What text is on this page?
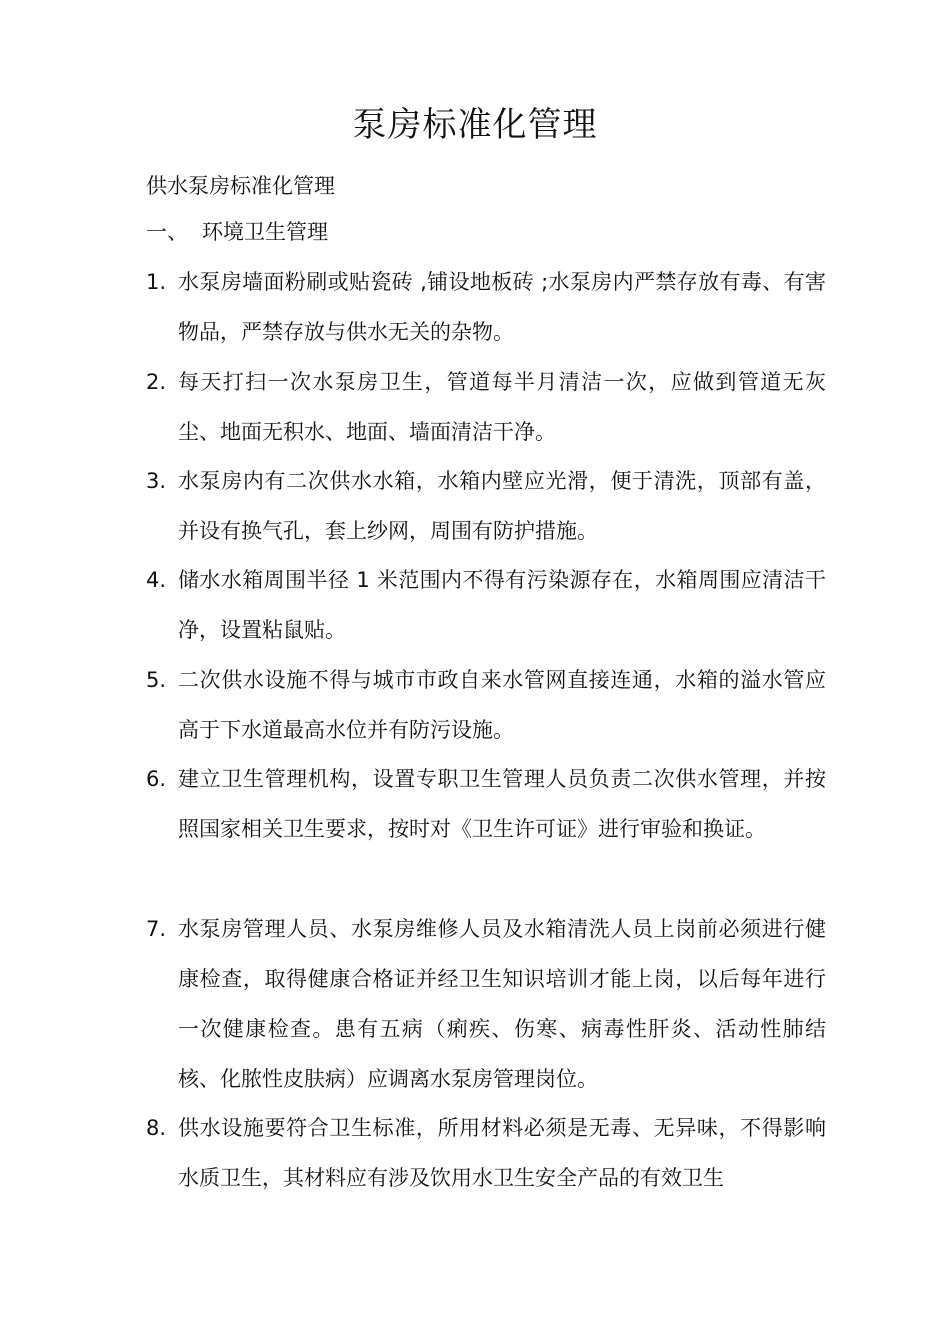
泵房标准化管理
供水泵房标准化管理
一、 环境卫生管理
1. 水泵房墙面粉刷或贴瓷砖 ,铺设地板砖 ;水泵房内严禁存放有毒、有害物品，严禁存放与供水无关的杂物。
2. 每天打扫一次水泵房卫生，管道每半月清洁一次，应做到管道无灰尘、地面无积水、地面、墙面清洁干净。
3. 水泵房内有二次供水水箱，水箱内壁应光滑，便于清洗，顶部有盖，并设有换气孔，套上纱网，周围有防护措施。
4. 储水水箱周围半径 1 米范围内不得有污染源存在，水箱周围应清洁干净，设置粘鼠贴。
5. 二次供水设施不得与城市市政自来水管网直接连通，水箱的溢水管应高于下水道最高水位并有防污设施。
6. 建立卫生管理机构，设置专职卫生管理人员负责二次供水管理，并按照国家相关卫生要求，按时对《卫生许可证》进行审验和换证。
7. 水泵房管理人员、水泵房维修人员及水箱清洗人员上岗前必须进行健康检查，取得健康合格证并经卫生知识培训才能上岗，以后每年进行一次健康检查。患有五病（痢疾、伤寒、病毒性肝炎、活动性肺结核、化脓性皮肤病）应调离水泵房管理岗位。
8. 供水设施要符合卫生标准，所用材料必须是无毒、无异味，不得影响水质卫生，其材料应有涉及饮用水卫生安全产品的有效卫生
